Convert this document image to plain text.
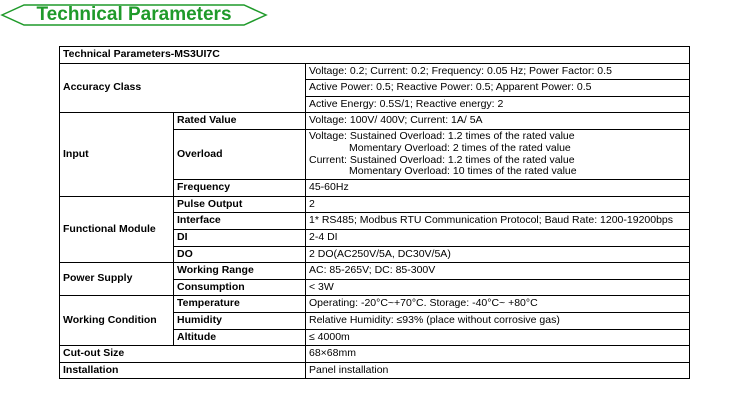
Technical Parameters
Technical Parameters-MS3UI7C		
Accuracy Class		Voltage: 0.2; Current: 0.2; Frequency: 0.05 Hz; Power Factor: 0.5
		Active Power: 0.5; Reactive Power: 0.5; Apparent Power: 0.5
		Active Energy: 0.5S/1; Reactive energy: 2
Input	Rated Value	Voltage: 100V/ 400V; Current: 1A/ 5A
	Overload	Voltage: Sustained Overload: 1.2 times of the rated value
Momentary Overload: 2 times of the rated value
Current: Sustained Overload: 1.2 times of the rated value
Momentary Overload: 10 times of the rated value

	Frequency	45-60Hz
Functional Module	Pulse Output	2
	Interface	1* RS485; Modbus RTU Communication Protocol; Baud Rate: 1200-19200bps
	DI	2-4 DI
	DO	2 DO(AC250V/5A, DC30V/5A)
Power Supply	Working Range	AC: 85-265V; DC: 85-300V
	Consumption	< 3W
Working Condition	Temperature	Operating: -20°C~+70°C. Storage: -40°C~ +80°C
	Humidity	Relative Humidity: ≤93% (place without corrosive gas)
	Altitude	≤ 4000m
Cut-out Size		68×68mm
Installation		Panel installation
